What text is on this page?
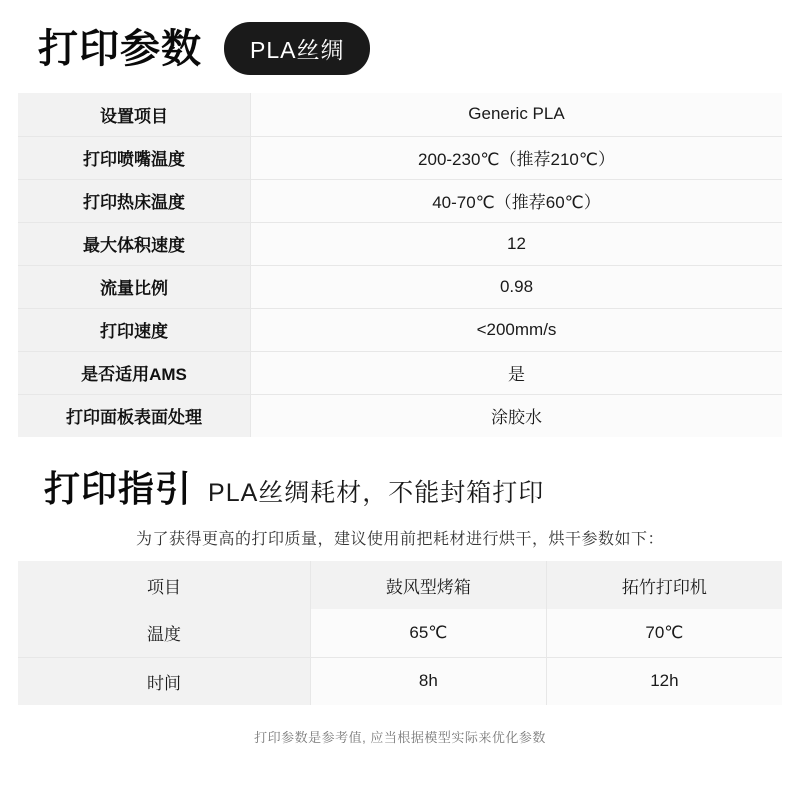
打印参数	PLA丝绸
设置项目	Generic PLA
打印喷嘴温度	200-230℃（推荐210℃）
打印热床温度	40-70℃（推荐60℃）
最大体积速度	12
流量比例	0.98
打印速度	<200mm/s
是否适用AMS	是
打印面板表面处理	涂胶水
打印指引 PLA丝绸耗材，不能封箱打印
为了获得更高的打印质量，建议使用前把耗材进行烘干，烘干参数如下：
项目	鼓风型烤箱	拓竹打印机
温度	65℃	70℃
时间	8h	12h
打印参数是参考值, 应当根据模型实际来优化参数
